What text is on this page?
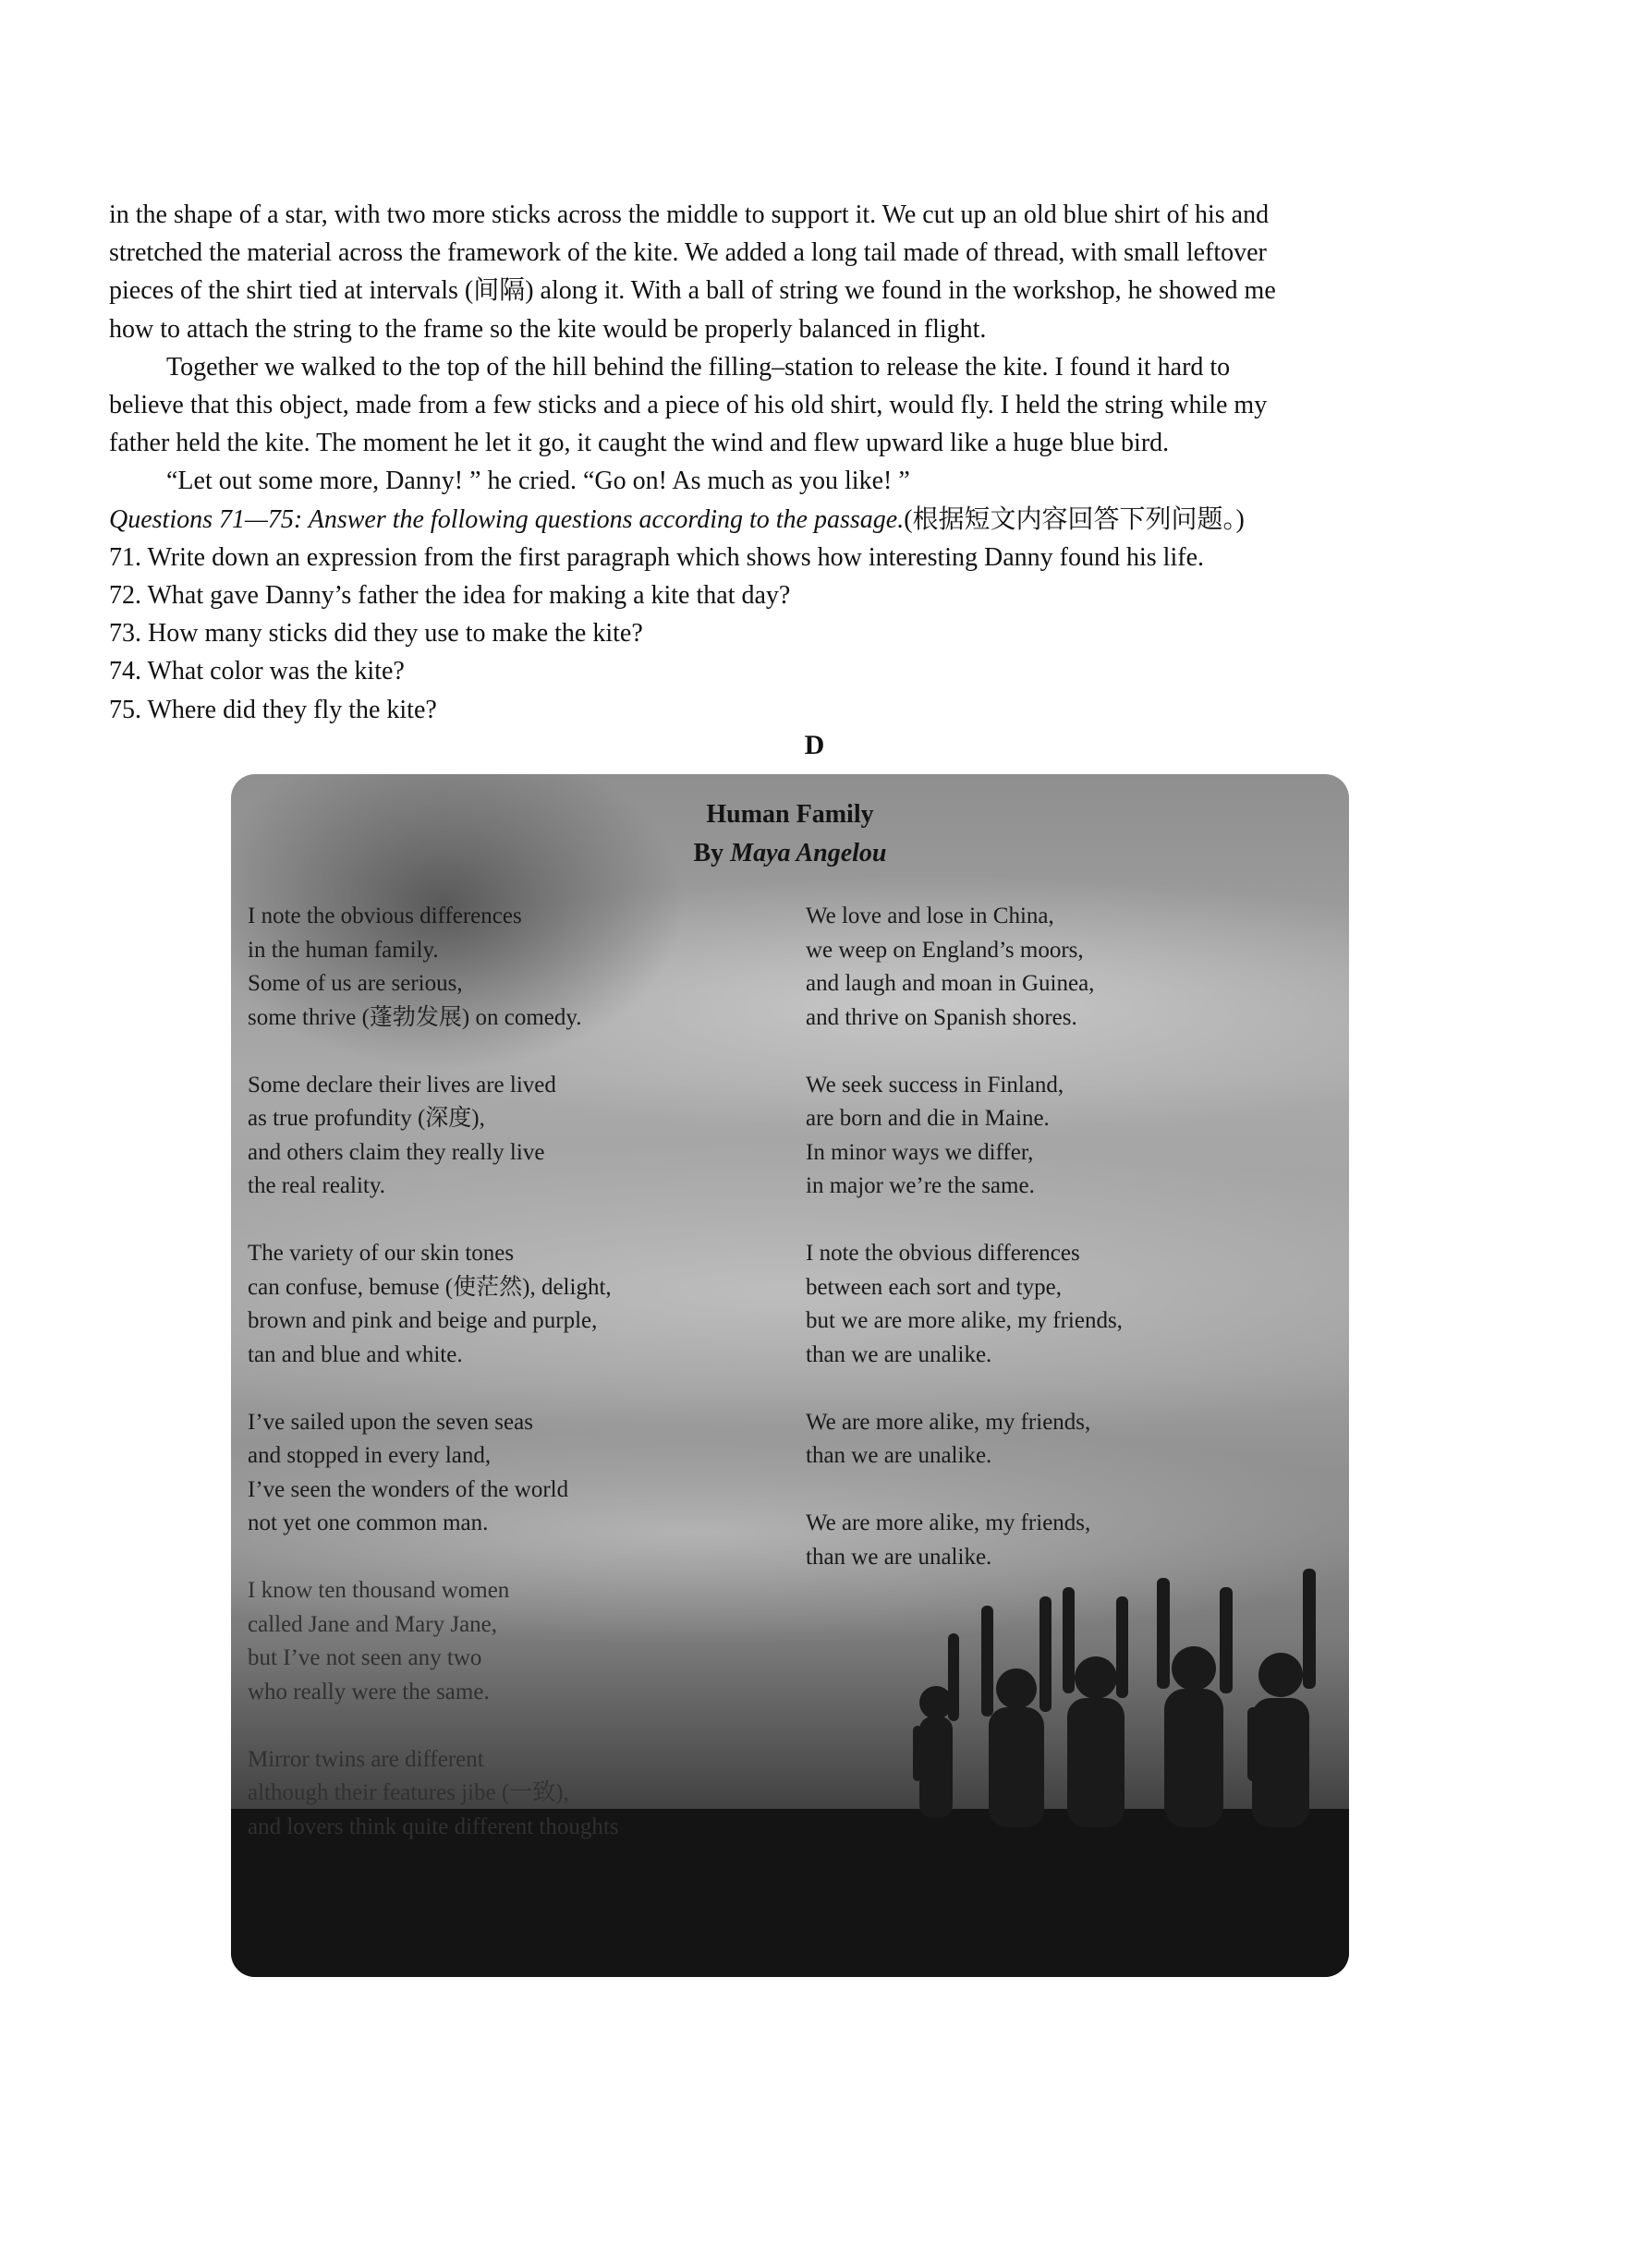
in the shape of a star, with two more sticks across the middle to support it. We cut up an old blue shirt of his and
stretched the material across the framework of the kite. We added a long tail made of thread, with small leftover
pieces of the shirt tied at intervals (间隔) along it. With a ball of string we found in the workshop, he showed me
how to attach the string to the frame so the kite would be properly balanced in flight.

Together we walked to the top of the hill behind the filling–station to release the kite. I found it hard to
believe that this object, made from a few sticks and a piece of his old shirt, would fly. I held the string while my
father held the kite. The moment he let it go, it caught the wind and flew upward like a huge blue bird.

“Let out some more, Danny! ” he cried. “Go on! As much as you like! ”

Questions 71—75: Answer the following questions according to the passage.(根据短文内容回答下列问题。)

71. Write down an expression from the first paragraph which shows how interesting Danny found his life.
72. What gave Danny’s father the idea for making a kite that day?
73. How many sticks did they use to make the kite?
74. What color was the kite?
75. Where did they fly the kite?
D
Human Family
By Maya Angelou
I note the obvious differences
in the human family.
Some of us are serious,
some thrive (蓬勃发展) on comedy.
Some declare their lives are lived
as true profundity (深度),
and others claim they really live
the real reality.
The variety of our skin tones
can confuse, bemuse (使茫然), delight,
brown and pink and beige and purple,
tan and blue and white.
I’ve sailed upon the seven seas
and stopped in every land,
I’ve seen the wonders of the world
not yet one common man.
I know ten thousand women
called Jane and Mary Jane,
but I’ve not seen any two
who really were the same.
Mirror twins are different
although their features jibe (一致),
and lovers think quite different thoughts
We love and lose in China,
we weep on England’s moors,
and laugh and moan in Guinea,
and thrive on Spanish shores.
We seek success in Finland,
are born and die in Maine.
In minor ways we differ,
in major we’re the same.
I note the obvious differences
between each sort and type,
but we are more alike, my friends,
than we are unalike.
We are more alike, my friends,
than we are unalike.
We are more alike, my friends,
than we are unalike.
